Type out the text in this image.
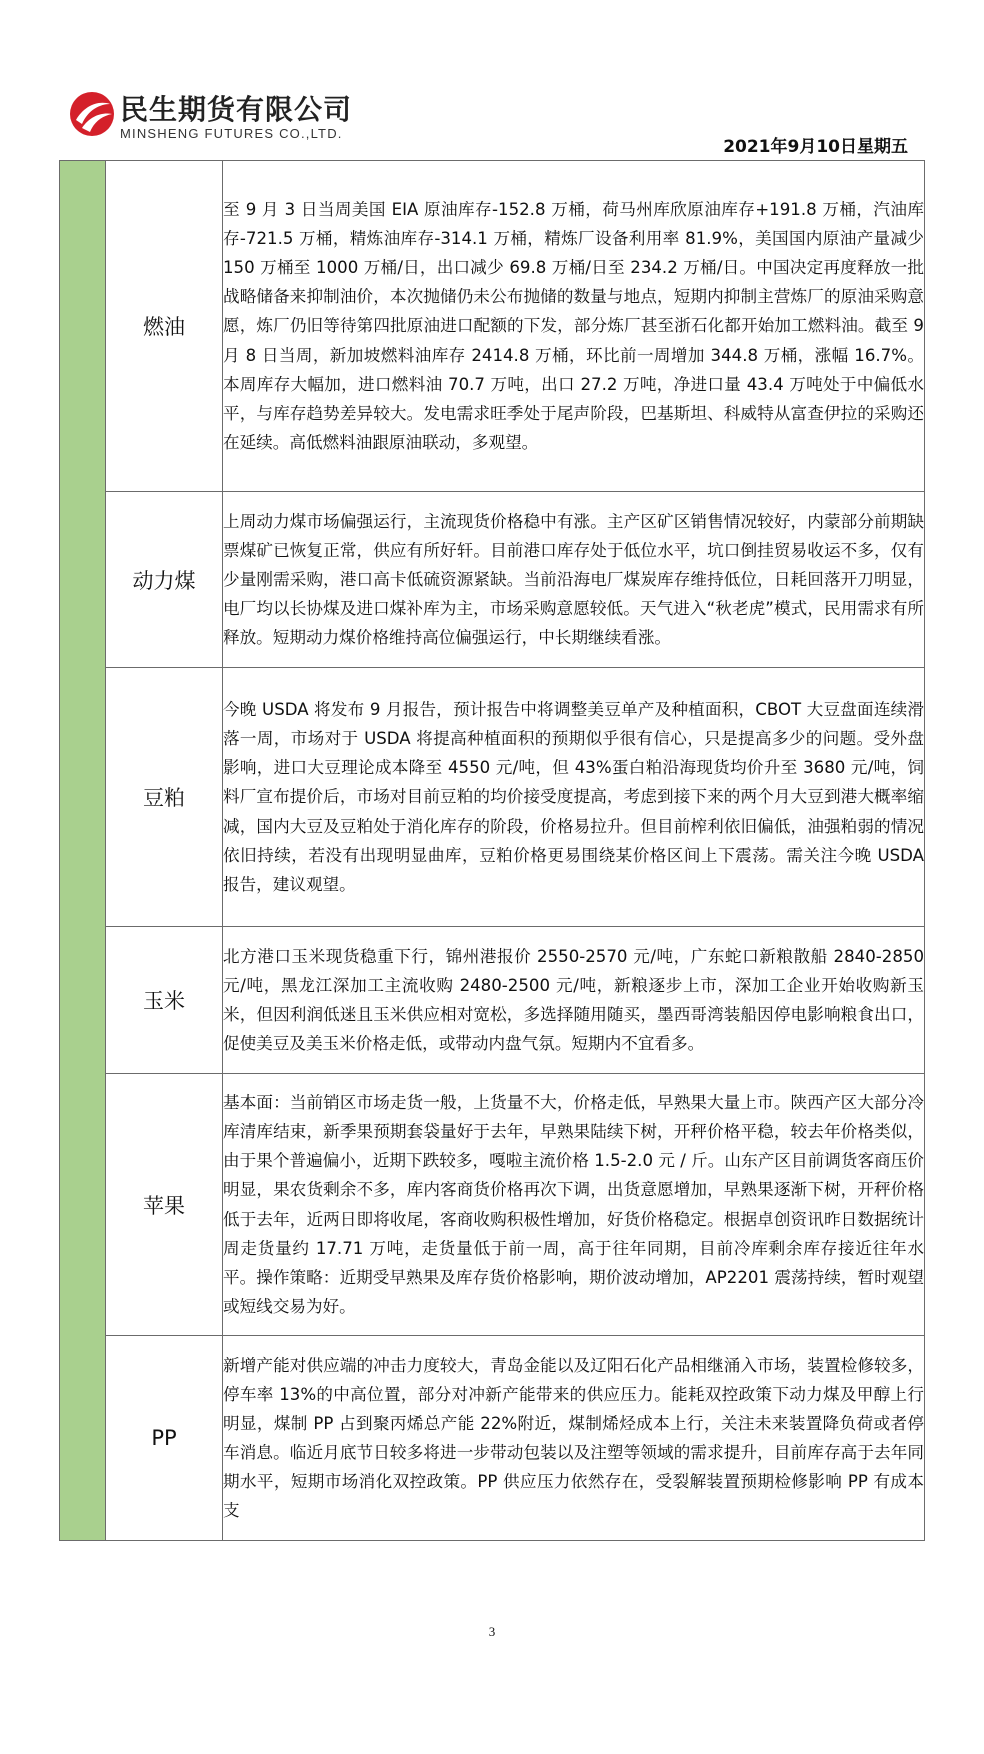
民生期货有限公司
MINSHENG FUTURES CO.,LTD.
2021年9月10日星期五
	燃油	至 9 月 3 日当周美国 EIA 原油库存-152.8 万桶，荷马州库欣原油库存+191.8 万桶，汽油库存-721.5 万桶，精炼油库存-314.1 万桶，精炼厂设备利用率 81.9%，美国国内原油产量减少 150 万桶至 1000 万桶/日，出口减少 69.8 万桶/日至 234.2 万桶/日。中国决定再度释放一批战略储备来抑制油价，本次抛储仍未公布抛储的数量与地点，短期内抑制主营炼厂的原油采购意愿，炼厂仍旧等待第四批原油进口配额的下发，部分炼厂甚至浙石化都开始加工燃料油。截至 9 月 8 日当周，新加坡燃料油库存 2414.8 万桶，环比前一周增加 344.8 万桶，涨幅 16.7%。本周库存大幅加，进口燃料油 70.7 万吨，出口 27.2 万吨，净进口量 43.4 万吨处于中偏低水平，与库存趋势差异较大。发电需求旺季处于尾声阶段，巴基斯坦、科威特从富查伊拉的采购还在延续。高低燃料油跟原油联动，多观望。
	动力煤	上周动力煤市场偏强运行，主流现货价格稳中有涨。主产区矿区销售情况较好，内蒙部分前期缺票煤矿已恢复正常，供应有所好轩。目前港口库存处于低位水平，坑口倒挂贸易收运不多，仅有少量刚需采购，港口高卡低硫资源紧缺。当前沿海电厂煤炭库存维持低位，日耗回落开刀明显，电厂均以长协煤及进口煤补库为主，市场采购意愿较低。天气进入“秋老虎”模式，民用需求有所释放。短期动力煤价格维持高位偏强运行，中长期继续看涨。
	豆粕	今晚 USDA 将发布 9 月报告，预计报告中将调整美豆单产及种植面积，CBOT 大豆盘面连续滑落一周，市场对于 USDA 将提高种植面积的预期似乎很有信心，只是提高多少的问题。受外盘影响，进口大豆理论成本降至 4550 元/吨，但 43%蛋白粕沿海现货均价升至 3680 元/吨，饲料厂宣布提价后，市场对目前豆粕的均价接受度提高，考虑到接下来的两个月大豆到港大概率缩减，国内大豆及豆粕处于消化库存的阶段，价格易拉升。但目前榨利依旧偏低，油强粕弱的情况依旧持续，若没有出现明显曲库，豆粕价格更易围绕某价格区间上下震荡。需关注今晚 USDA 报告，建议观望。
	玉米	北方港口玉米现货稳重下行，锦州港报价 2550-2570 元/吨，广东蛇口新粮散船 2840-2850 元/吨，黑龙江深加工主流收购 2480-2500 元/吨，新粮逐步上市，深加工企业开始收购新玉米，但因利润低迷且玉米供应相对宽松，多选择随用随买，墨西哥湾装船因停电影响粮食出口，促使美豆及美玉米价格走低，或带动内盘气氛。短期内不宜看多。
	苹果	基本面：当前销区市场走货一般，上货量不大，价格走低，早熟果大量上市。陕西产区大部分冷库清库结束，新季果预期套袋量好于去年，早熟果陆续下树，开秤价格平稳，较去年价格类似，由于果个普遍偏小，近期下跌较多，嘎啦主流价格 1.5-2.0 元 / 斤。山东产区目前调货客商压价明显，果农货剩余不多，库内客商货价格再次下调，出货意愿增加，早熟果逐渐下树，开秤价格低于去年，近两日即将收尾，客商收购积极性增加，好货价格稳定。根据卓创资讯昨日数据统计周走货量约 17.71 万吨，走货量低于前一周，高于往年同期，目前冷库剩余库存接近往年水平。操作策略：近期受早熟果及库存货价格影响，期价波动增加，AP2201 震荡持续，暂时观望或短线交易为好。
	PP	新增产能对供应端的冲击力度较大，青岛金能以及辽阳石化产品相继涌入市场，装置检修较多，停车率 13%的中高位置，部分对冲新产能带来的供应压力。能耗双控政策下动力煤及甲醇上行明显，煤制 PP 占到聚丙烯总产能 22%附近，煤制烯烃成本上行，关注未来装置降负荷或者停车消息。临近月底节日较多将进一步带动包装以及注塑等领域的需求提升，目前库存高于去年同期水平，短期市场消化双控政策。PP 供应压力依然存在，受裂解装置预期检修影响 PP 有成本支
3
